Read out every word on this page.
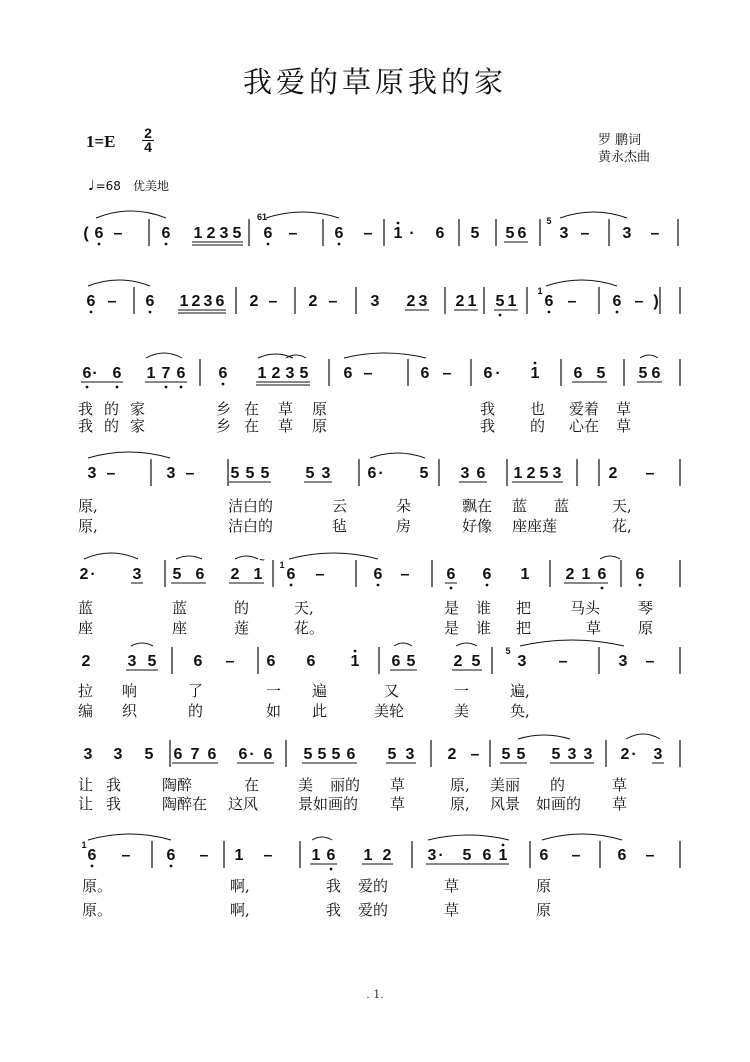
我爱的草原我的家
$1=E \frac{2}{4}$	罗 鹏词
黄永杰曲
♩=68 优美地
6 – 6 1 2 3 5 6 – 6 – 1 · 6 5 5 6 3 – 3 –
(
5
61
6 – 6 1 2 3 6 2 – 2 – 3 2 3 2 1 5 1 6 – 6 – )
1
6 · 6 1 7 6 6 1 2 3 5 6 –	6 – 6 · 1 6 5 5 6
3 –	3 – 5 5 5 5 3 6 · 5 3 6 1 2 5 3	2 –
2 · 3 5 6 2 1 6 –	6 – 6 6 1 2 1 6 6
1
~
2 3 5 6 – 6 6 1 6 5 2 5 3 –	3 –
5
3 3 5 6 7 6 6 · 6 5 5 5 6 5 3 2 – 5 5 5 3 3 2 · 3
6 – 6 – 1 – 1 6 1 2 3 · 5 6 1 6 – 6 –
1
我 的 家	乡 在 草 原	我 也 爱着 草
我 的 家	乡 在 草 原	我 的 心在 草
原,	洁白的	云	朵	飘在 蓝 蓝	天,
原,	洁白的	毡	房	好像 座座莲	花,
蓝	蓝	的	天,	是 谁 把	马头	琴
座	座	莲	花。	是 谁 把	草 原
拉 响	了	一 遍	又	一	遍,
编 织	的	如 此	美轮	美	奂,
让 我	陶醉	在	美 丽的 草	原, 美丽 的	草
让 我	陶醉在 这风	景如画的 草	原, 风景 如画的 草
原。	啊,	我 爱的	草	原
原。	啊,	我 爱的	草	原
. 1.
